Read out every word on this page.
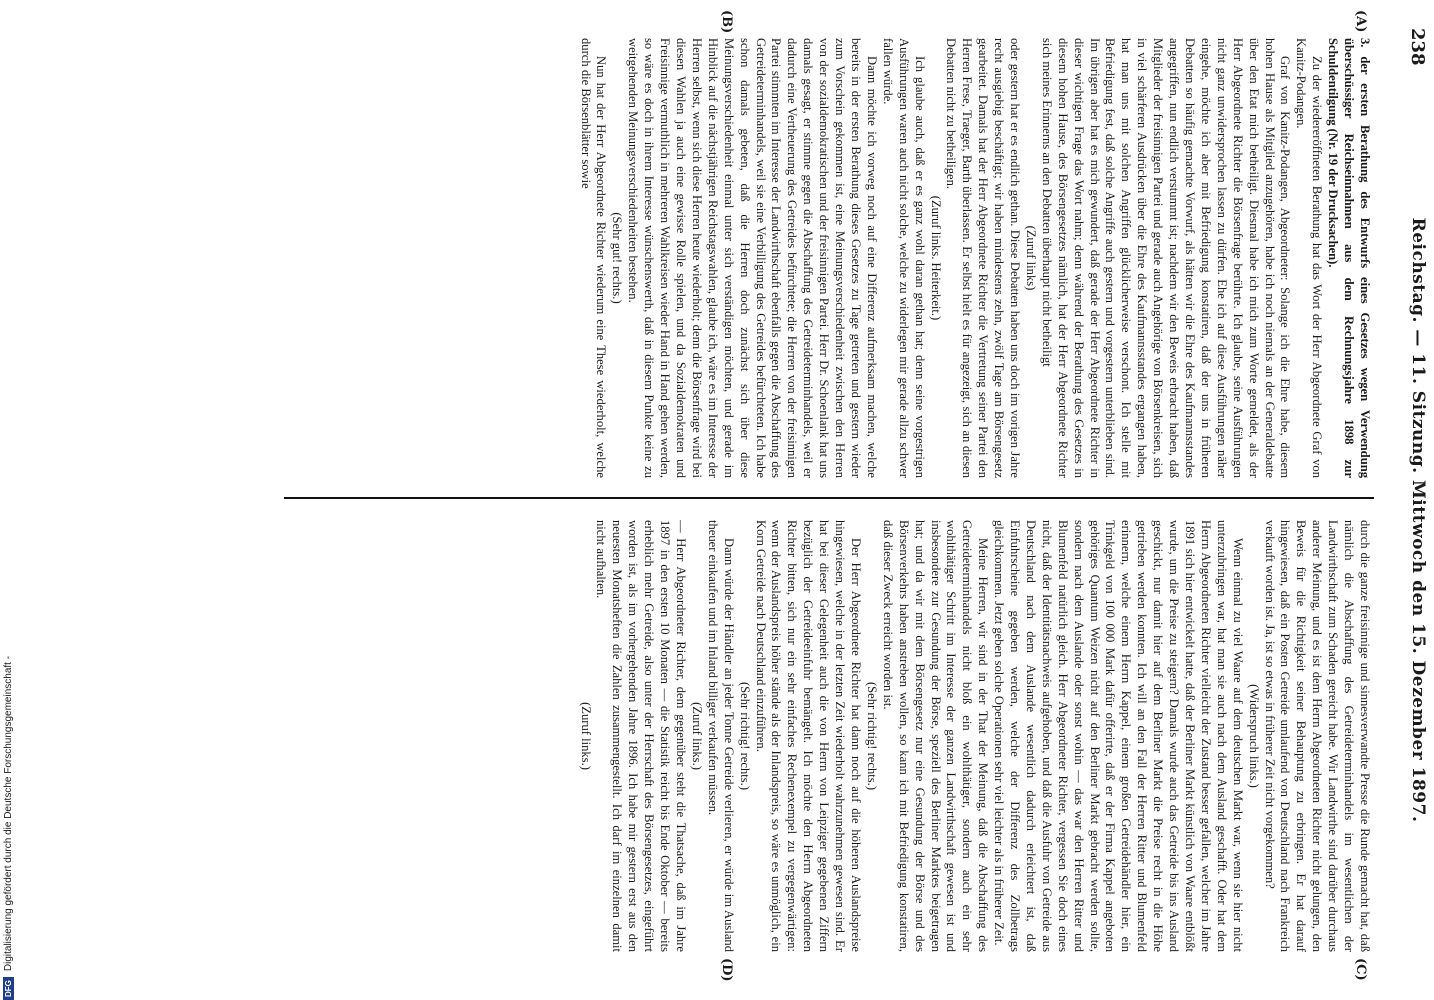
238
Reichstag. — 11. Sitzung. Mittwoch den 15. Dezember 1897.
(A)
(B)
(C)
(D)

3. der ersten Berathung des Entwurfs eines Gesetzes wegen Verwendung überschüssiger Reichseinnahmen aus dem Rechnungsjahre 1898 zur Schuldentilgung (Nr. 19 der Drucksachen).

Zu der wiedereröffneten Berathung hat das Wort der Herr Abgeordnete Graf von Kanitz-Podangen.

Graf von Kanitz-Podangen, Abgeordneter: Solange ich die Ehre habe, diesem hohen Hause als Mitglied anzugehören, habe ich noch niemals an der Generaldebatte über den Etat mich betheiligt. Diesmal habe ich mich zum Worte gemeldet, als der Herr Abgeordnete Richter die Börsenfrage berührte. Ich glaube, seine Ausführungen nicht ganz unwidersprochen lassen zu dürfen. Ehe ich auf diese Ausführungen näher eingehe, möchte ich aber mit Befriedigung konstatiren, daß der uns in früheren Debatten so häufig gemachte Vorwurf, als hätten wir die Ehre des Kaufmannsstandes angegriffen, nun endlich verstummt ist; nachdem wir den Beweis erbracht haben, daß Mitglieder der freisinnigen Partei und gerade auch Angehörige von Börsenkreisen, sich in viel schärferen Ausdrücken über die Ehre des Kaufmannsstandes ergangen haben, hat man uns mit solchen Angriffen glücklicherweise verschont. Ich stelle mit Befriedigung fest, daß solche Angriffe auch gestern und vorgestern unterblieben sind. Im übrigen aber hat es mich gewundert, daß gerade der Herr Abgeordnete Richter in dieser wichtigen Frage das Wort nahm; denn während der Berathung des Gesetzes in diesem hohen Hause, des Börsengesetzes nämlich, hat der Herr Abgeordnete Richter sich meines Erinnerns an den Debatten überhaupt nicht betheiligt

(Zuruf links)

oder gestern hat er es endlich gethan. Diese Debatten haben uns doch im vorigen Jahre recht ausgiebig beschäftigt; wir haben mindestens zehn, zwölf Tage am Börsengesetz gearbeitet. Damals hat der Herr Abgeordnete Richter die Vertretung seiner Partei den Herren Frese, Traeger, Barth überlassen. Er selbst hielt es für angezeigt, sich an diesen Debatten nicht zu betheiligen.

(Zuruf links. Heiterkeit.)

Ich glaube auch, daß er es ganz wohl daran gethan hat; denn seine vorgestrigen Ausführungen waren auch nicht solche, welche zu widerlegen mir gerade allzu schwer fallen würde.

Dann möchte ich vorweg noch auf eine Differenz aufmerksam machen, welche bereits in der ersten Berathung dieses Gesetzes zu Tage getreten und gestern wieder zum Vorschein gekommen ist, eine Meinungsverschiedenheit zwischen den Herren von der sozialdemokratischen und der freisinnigen Partei. Herr Dr. Schoenlank hat uns damals gesagt, er stimme gegen die Abschaffung des Getreideterminhandels, weil er dadurch eine Vertheuerung des Getreides befürchtete; die Herren von der freisinnigen Partei stimmten im Interesse der Landwirthschaft ebenfalls gegen die Abschaffung des Getreideterminhandels, weil sie eine Verbilligung des Getreides befürchteten. Ich habe schon damals gebeten, daß die Herren doch zunächst sich über diese Meinungsverschiedenheit einmal unter sich verständigen möchten, und gerade im Hinblick auf die nächstjährigen Reichstagswahlen, glaube ich, wäre es im Interesse der Herren selbst, wenn sich diese Herren heute wiederholt; denn die Börsenfrage wird bei diesen Wahlen ja auch eine gewisse Rolle spielen, und da Sozialdemokraten und Freisinnige vermuthlich in mehreren Wahlkreisen wieder Hand in Hand gehen werden, so wäre es doch in ihrem Interesse wünschenswerth, daß in diesem Punkte keine zu weitgehenden Meinungsverschiedenheiten bestehen.

(Sehr gut! rechts.)

Nun hat der Herr Abgeordnete Richter wiederum eine These wiederholt, welche durch die Börsenblätter sowie

durch die ganze freisinnige und sinnesverwandte Presse die Runde gemacht hat, daß nämlich die Abschaffung des Getreideterminhandels im wesentlichen der Landwirthschaft zum Schaden gereicht habe. Wir Landwirthe sind darüber durchaus anderer Meinung, und es ist dem Herrn Abgeordneten Richter nicht gelungen, den Beweis für die Richtigkeit seiner Behauptung zu erbringen. Er hat darauf hingewiesen, daß ein Posten Getreide umlaufend von Deutschland nach Frankreich verkauft worden ist. Ja, ist so etwas in früherer Zeit nicht vorgekommen?

(Widerspruch links.)

Wenn einmal zu viel Waare auf dem deutschen Markt war, wenn sie hier nicht unterzubringen war, hat man sie auch nach dem Ausland geschafft. Oder hat dem Herrn Abgeordneten Richter vielleicht der Zustand besser gefallen, welcher im Jahre 1891 sich hier entwickelt hatte, daß der Berliner Markt künstlich von Waare entblößt wurde, um die Preise zu steigern? Damals wurde auch das Getreide bis ins Ausland geschickt, nur damit hier auf dem Berliner Markt die Preise recht in die Höhe getrieben werden konnten. Ich will an den Fall der Herren Ritter und Blumenfeld erinnern, welche einem Herrn Kappel, einem großen Getreidehändler hier, ein Trinkgeld von 100 000 Mark dafür offerirte, daß er der Firma Kappel angeboten gehöriges Quantum Weizen nicht auf den Berliner Markt gebracht werden sollte, sondern nach dem Auslande oder sonst wohin — das war den Herren Ritter und Blumenfeld natürlich gleich. Herr Abgeordneter Richter, vergessen Sie doch eines nicht, daß der Identitätsnachweis aufgehoben, und daß die Ausfuhr von Getreide aus Deutschland nach dem Auslande wesentlich dadurch erleichtert ist, daß Einfuhrscheine gegeben werden, welche der Differenz des Zollbetrags gleichkommen. Jetzt geben solche Operationen sehr viel leichter als in früherer Zeit.

Meine Herren, wir sind in der That der Meinung, daß die Abschaffung des Getreideterminhandels nicht bloß ein wohlthätiger, sondern auch ein sehr wohlthätiger Schritt im Interesse der ganzen Landwirthschaft gewesen ist und insbesondere zur Gesundung der Börse, speziell des Berliner Marktes beigetragen hat; und da wir mit dem Börsengesetz nur eine Gesundung der Börse und des Börsenverkehrs haben anstreben wollen, so kann ich mit Befriedigung konstatiren, daß dieser Zweck erreicht worden ist.

(Sehr richtig! rechts.)

Der Herr Abgeordnete Richter hat dann noch auf die höheren Auslandspreise hingewiesen, welche in der letzten Zeit wiederholt wahrzunehmen gewesen sind. Er hat bei dieser Gelegenheit auch die von Herrn von Leipziger gegebenen Ziffern bezüglich der Getreideeinfuhr bemängelt. Ich möchte den Herrn Abgeordneten Richter bitten, sich nur ein sehr einfaches Rechenexempel zu vergegenwärtigen: wenn der Auslandspreis höher stände als der Inlandspreis, so wäre es unmöglich, ein Korn Getreide nach Deutschland einzuführen.

(Sehr richtig! rechts.)

Dann würde der Händler an jeder Tonne Getreide verlieren, er würde im Ausland theuer einkaufen und im Inland billiger verkaufen müssen.

(Zuruf links.)

— Herr Abgeordneter Richter, dem gegenüber steht die Thatsache, daß im Jahre 1897 in den ersten 10 Monaten — die Statistik reicht bis Ende Oktober — bereits erheblich mehr Getreide, also unter der Herrschaft des Börsengesetzes, eingeführt worden ist, als im vorhergehenden Jahre 1896. Ich habe mir gestern erst aus den neuesten Monatsheften die Zahlen zusammengestellt. Ich darf im einzelnen damit nicht aufhalten.

(Zuruf links.)

DFGDigitalisierung gefördert durch die Deutsche Forschungsgemeinschaft -
